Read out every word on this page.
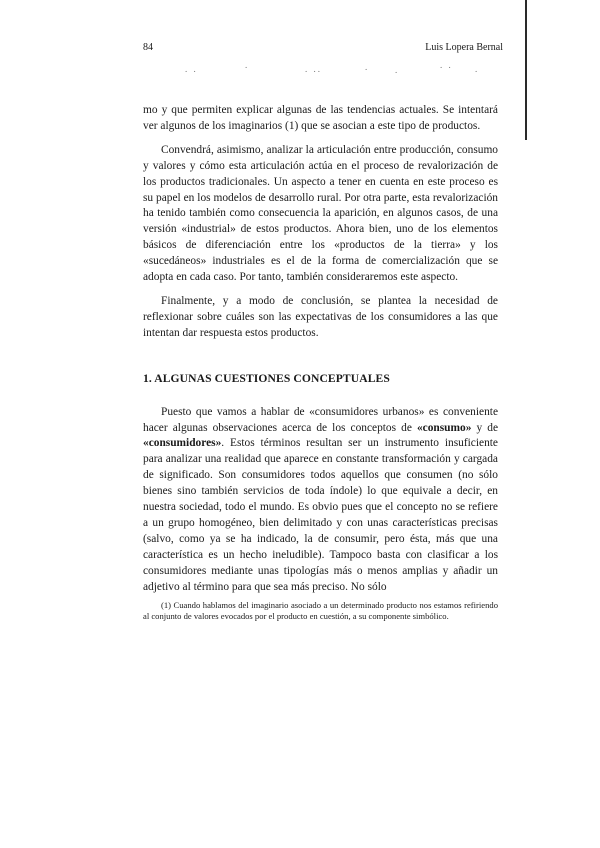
84	Luis Lopera Bernal
. .	.	. ..	.	.	. . .

mo y que permiten explicar algunas de las tendencias actuales. Se intentará ver algunos de los imaginarios (1) que se asocian a este tipo de productos.

Convendrá, asimismo, analizar la articulación entre producción, consumo y valores y cómo esta articulación actúa en el proceso de revalorización de los productos tradicionales. Un aspecto a tener en cuenta en este proceso es su papel en los modelos de desarrollo rural. Por otra parte, esta revalorización ha tenido también como consecuencia la aparición, en algunos casos, de una versión «industrial» de estos productos. Ahora bien, uno de los elementos básicos de diferenciación entre los «productos de la tierra» y los «sucedáneos» industriales es el de la forma de comercialización que se adopta en cada caso. Por tanto, también consideraremos este aspecto.

Finalmente, y a modo de conclusión, se plantea la necesidad de reflexionar sobre cuáles son las expectativas de los consumidores a las que intentan dar respuesta estos productos.

1. ALGUNAS CUESTIONES CONCEPTUALES

Puesto que vamos a hablar de «consumidores urbanos» es conveniente hacer algunas observaciones acerca de los conceptos de «consumo» y de «consumidores». Estos términos resultan ser un instrumento insuficiente para analizar una realidad que aparece en constante transformación y cargada de significado. Son consumidores todos aquellos que consumen (no sólo bienes sino también servicios de toda índole) lo que equivale a decir, en nuestra sociedad, todo el mundo. Es obvio pues que el concepto no se refiere a un grupo homogéneo, bien delimitado y con unas características precisas (salvo, como ya se ha indicado, la de consumir, pero ésta, más que una característica es un hecho ineludible). Tampoco basta con clasificar a los consumidores mediante unas tipologías más o menos amplias y añadir un adjetivo al término para que sea más preciso. No sólo

(1) Cuando hablamos del imaginario asociado a un determinado producto nos estamos refiriendo al conjunto de valores evocados por el producto en cuestión, a su componente simbólico.
